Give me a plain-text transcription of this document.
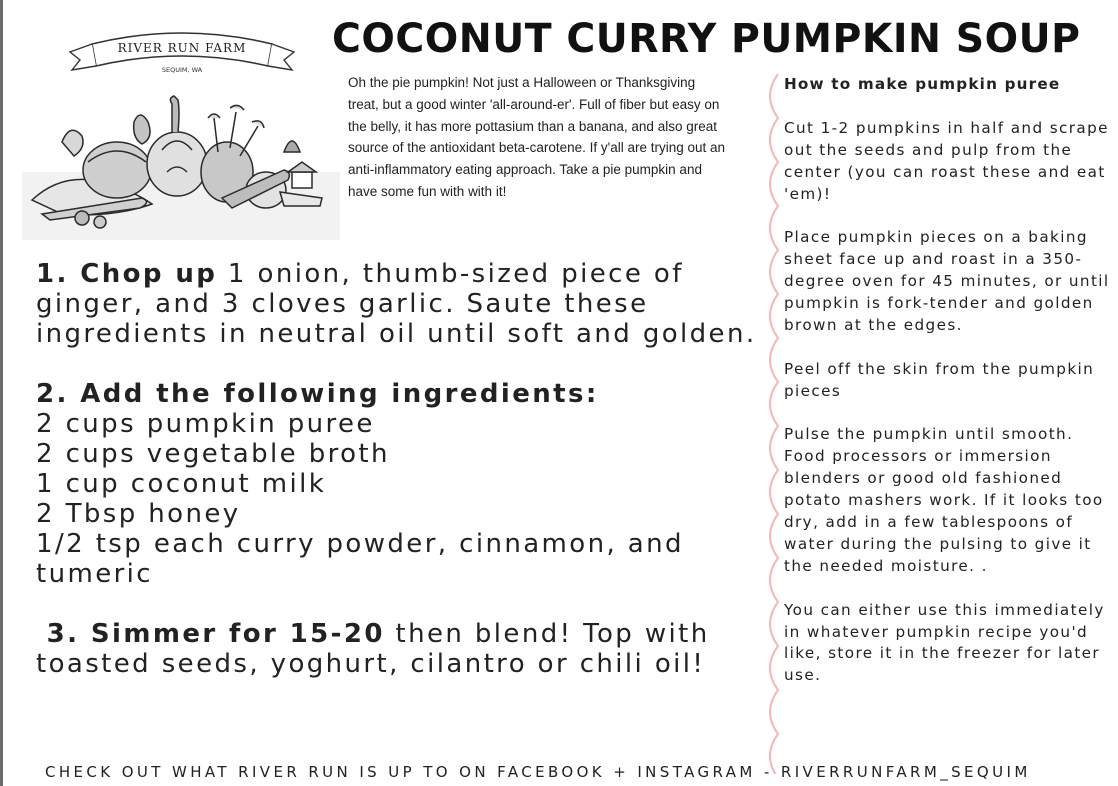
RIVER RUN FARM
SEQUIM, WA
COCONUT CURRY PUMPKIN SOUP
Oh the pie pumpkin! Not just a Halloween or Thanksgiving treat, but a good winter 'all-around-er'. Full of fiber but easy on the belly, it has more pottasium than a banana, and also great source of the antioxidant beta-carotene. If y'all are trying out an anti-inflammatory eating approach. Take a pie pumpkin and have some fun with with it!
1. Chop up 1 onion, thumb-sized piece of ginger, and 3 cloves garlic. Saute these ingredients in neutral oil until soft and golden.
2. Add the following ingredients:
2 cups pumpkin puree
2 cups vegetable broth
1 cup coconut milk
2 Tbsp honey
1/2 tsp each curry powder, cinnamon, and tumeric
3. Simmer for 15-20 then blend! Top with toasted seeds, yoghurt, cilantro or chili oil!
How to make pumpkin puree

Cut 1-2 pumpkins in half and scrape out the seeds and pulp from the center (you can roast these and eat 'em)!

Place pumpkin pieces on a baking sheet face up and roast in a 350-degree oven for 45 minutes, or until pumpkin is fork-tender and golden brown at the edges.

Peel off the skin from the pumpkin pieces

Pulse the pumpkin until smooth. Food processors or immersion blenders or good old fashioned potato mashers work. If it looks too dry, add in a few tablespoons of water during the pulsing to give it the needed moisture. .

You can either use this immediately in whatever pumpkin recipe you'd like, store it in the freezer for later use.

CHECK OUT WHAT RIVER RUN IS UP TO ON FACEBOOK + INSTAGRAM - RIVERRUNFARM_SEQUIM
